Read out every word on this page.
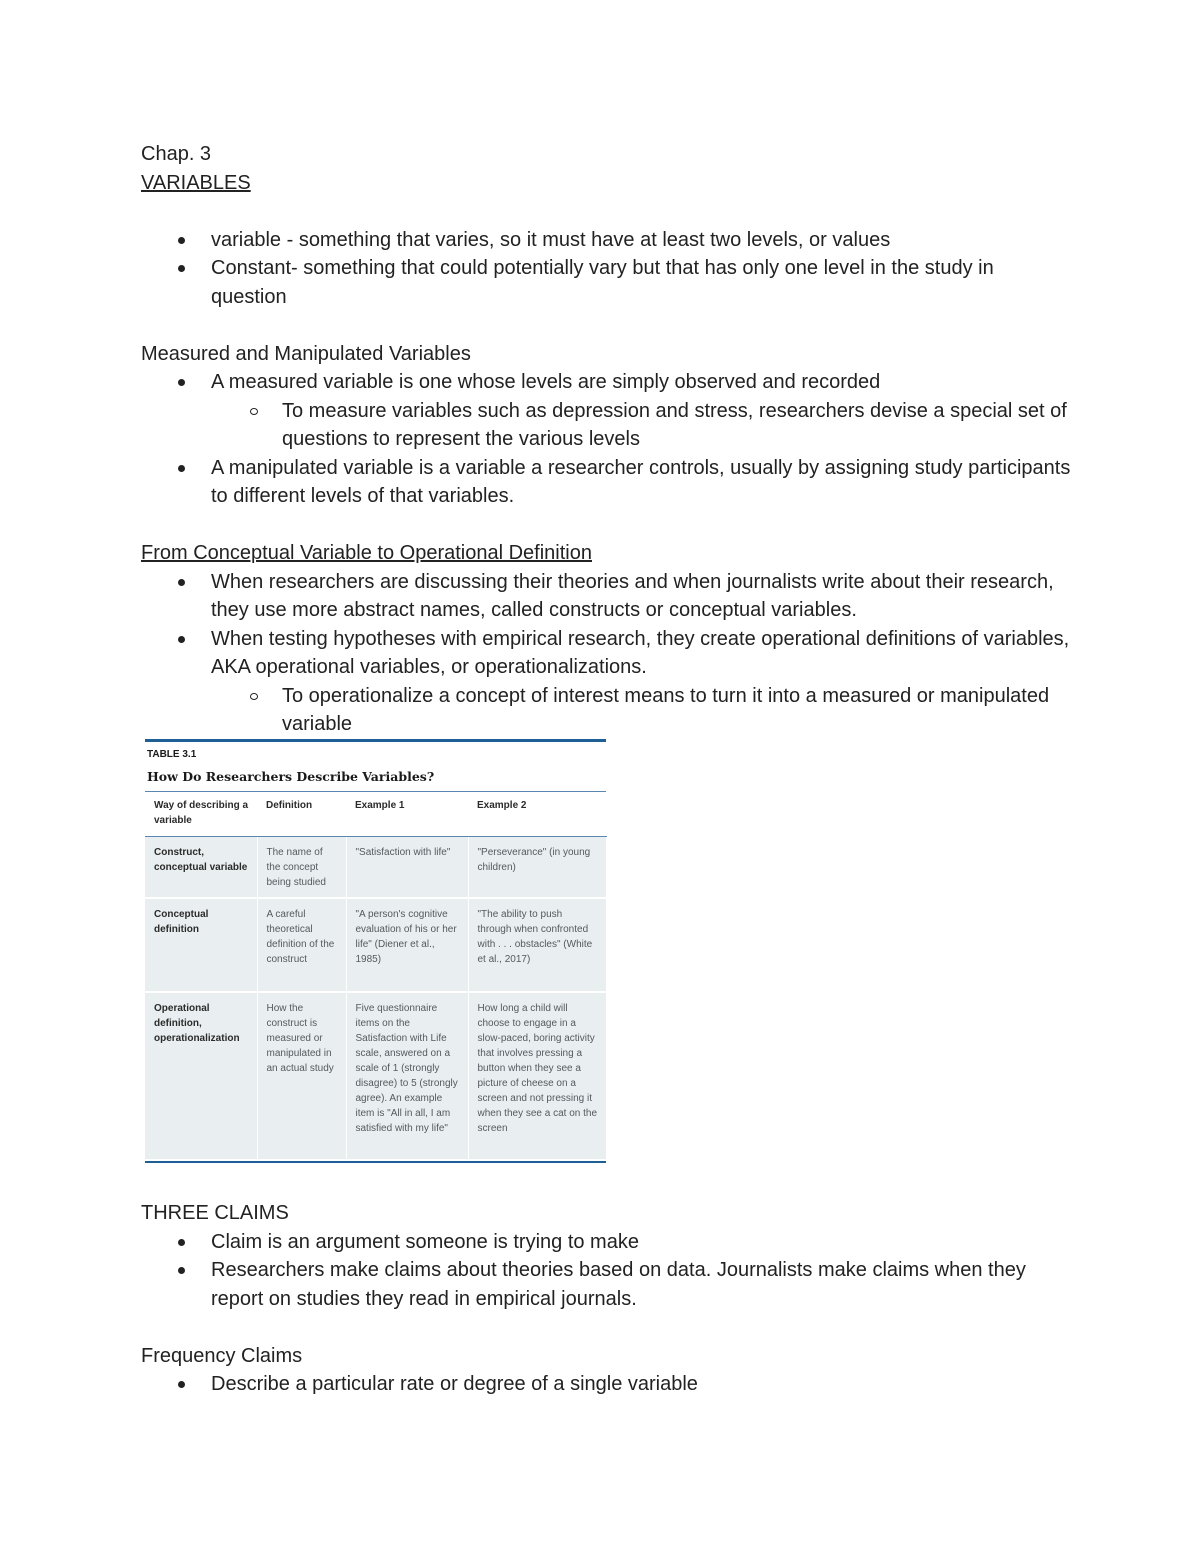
Chap. 3

VARIABLES

variable - something that varies, so it must have at least two levels, or values
Constant- something that could potentially vary but that has only one level in the study in question

Measured and Manipulated Variables

A measured variable is one whose levels are simply observed and recorded
To measure variables such as depression and stress, researchers devise a special set of questions to represent the various levels
A manipulated variable is a variable a researcher controls, usually by assigning study participants to different levels of that variables.

From Conceptual Variable to Operational Definition

When researchers are discussing their theories and when journalists write about their research, they use more abstract names, called constructs or conceptual variables.
When testing hypotheses with empirical research, they create operational definitions of variables, AKA operational variables, or operationalizations.
To operationalize a concept of interest means to turn it into a measured or manipulated variable
TABLE 3.1
How Do Researchers Describe Variables?
Way of describing a variable	Definition	Example 1	Example 2
Construct, conceptual variable	The name of the concept being studied	"Satisfaction with life"	"Perseverance" (in young children)
Conceptual definition	A careful theoretical definition of the construct	"A person's cognitive evaluation of his or her life" (Diener et al., 1985)	"The ability to push through when confronted with . . . obstacles" (White et al., 2017)
Operational definition, operationalization	How the construct is measured or manipulated in an actual study	Five questionnaire items on the Satisfaction with Life scale, answered on a scale of 1 (strongly disagree) to 5 (strongly agree). An example item is "All in all, I am satisfied with my life"	How long a child will choose to engage in a slow-paced, boring activity that involves pressing a button when they see a picture of cheese on a screen and not pressing it when they see a cat on the screen

THREE CLAIMS

Claim is an argument someone is trying to make
Researchers make claims about theories based on data. Journalists make claims when they report on studies they read in empirical journals.

Frequency Claims

Describe a particular rate or degree of a single variable
